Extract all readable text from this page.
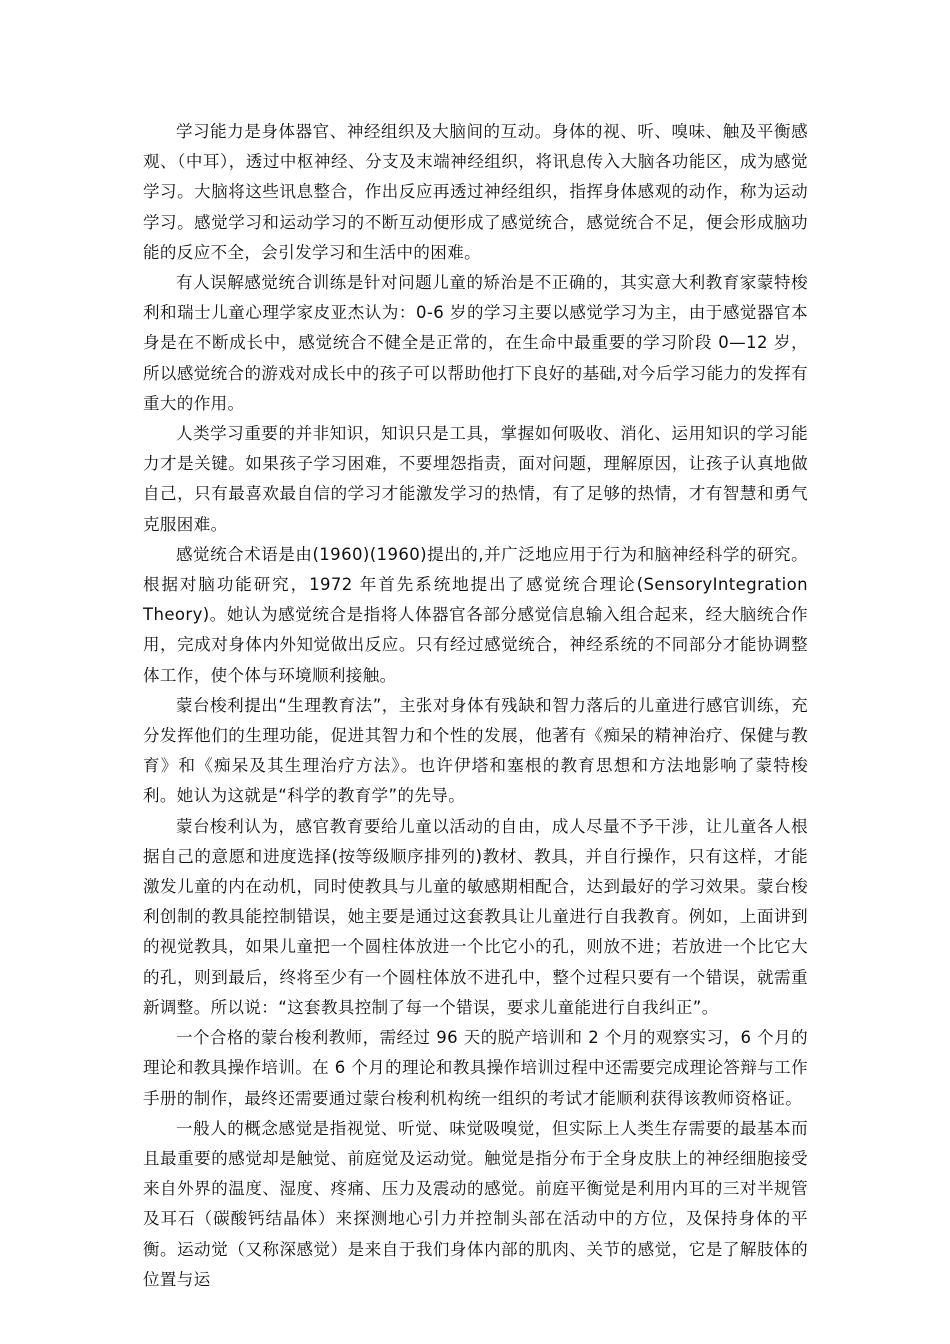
学习能力是身体器官、神经组织及大脑间的互动。身体的视、听、嗅味、触及平衡感观、（中耳），透过中枢神经、分支及末端神经组织，将讯息传入大脑各功能区，成为感觉学习。大脑将这些讯息整合，作出反应再透过神经组织，指挥身体感观的动作，称为运动学习。感觉学习和运动学习的不断互动便形成了感觉统合，感觉统合不足，便会形成脑功能的反应不全，会引发学习和生活中的困难。

有人误解感觉统合训练是针对问题儿童的矫治是不正确的，其实意大利教育家蒙特梭利和瑞士儿童心理学家皮亚杰认为：0-6 岁的学习主要以感觉学习为主，由于感觉器官本身是在不断成长中，感觉统合不健全是正常的，在生命中最重要的学习阶段 0—12 岁，所以感觉统合的游戏对成长中的孩子可以帮助他打下良好的基础,对今后学习能力的发挥有重大的作用。

人类学习重要的并非知识，知识只是工具，掌握如何吸收、消化、运用知识的学习能力才是关键。如果孩子学习困难，不要埋怨指责，面对问题，理解原因，让孩子认真地做自己，只有最喜欢最自信的学习才能激发学习的热情，有了足够的热情，才有智慧和勇气克服困难。

感觉统合术语是由(1960)(1960)提出的,并广泛地应用于行为和脑神经科学的研究。根据对脑功能研究，1972 年首先系统地提出了感觉统合理论(SensoryIntegration Theory)。她认为感觉统合是指将人体器官各部分感觉信息输入组合起来，经大脑统合作用，完成对身体内外知觉做出反应。只有经过感觉统合，神经系统的不同部分才能协调整体工作，使个体与环境顺利接触。

蒙台梭利提出“生理教育法”，主张对身体有残缺和智力落后的儿童进行感官训练，充分发挥他们的生理功能，促进其智力和个性的发展，他著有《痴呆的精神治疗、保健与教育》和《痴呆及其生理治疗方法》。也许伊塔和塞根的教育思想和方法地影响了蒙特梭利。她认为这就是“科学的教育学”的先导。

蒙台梭利认为，感官教育要给儿童以活动的自由，成人尽量不予干涉，让儿童各人根据自己的意愿和进度选择(按等级顺序排列的)教材、教具，并自行操作，只有这样，才能激发儿童的内在动机，同时使教具与儿童的敏感期相配合，达到最好的学习效果。蒙台梭利创制的教具能控制错误，她主要是通过这套教具让儿童进行自我教育。例如，上面讲到的视觉教具，如果儿童把一个圆柱体放进一个比它小的孔，则放不进；若放进一个比它大的孔，则到最后，终将至少有一个圆柱体放不进孔中，整个过程只要有一个错误，就需重新调整。所以说：“这套教具控制了每一个错误，要求儿童能进行自我纠正”。

一个合格的蒙台梭利教师，需经过 96 天的脱产培训和 2 个月的观察实习，6 个月的理论和教具操作培训。在 6 个月的理论和教具操作培训过程中还需要完成理论答辩与工作手册的制作，最终还需要通过蒙台梭利机构统一组织的考试才能顺利获得该教师资格证。

一般人的概念感觉是指视觉、听觉、味觉吸嗅觉，但实际上人类生存需要的最基本而且最重要的感觉却是触觉、前庭觉及运动觉。触觉是指分布于全身皮肤上的神经细胞接受来自外界的温度、湿度、疼痛、压力及震动的感觉。前庭平衡觉是利用内耳的三对半规管及耳石（碳酸钙结晶体）来探测地心引力并控制头部在活动中的方位，及保持身体的平衡。运动觉（又称深感觉）是来自于我们身体内部的肌肉、关节的感觉，它是了解肢体的位置与运
